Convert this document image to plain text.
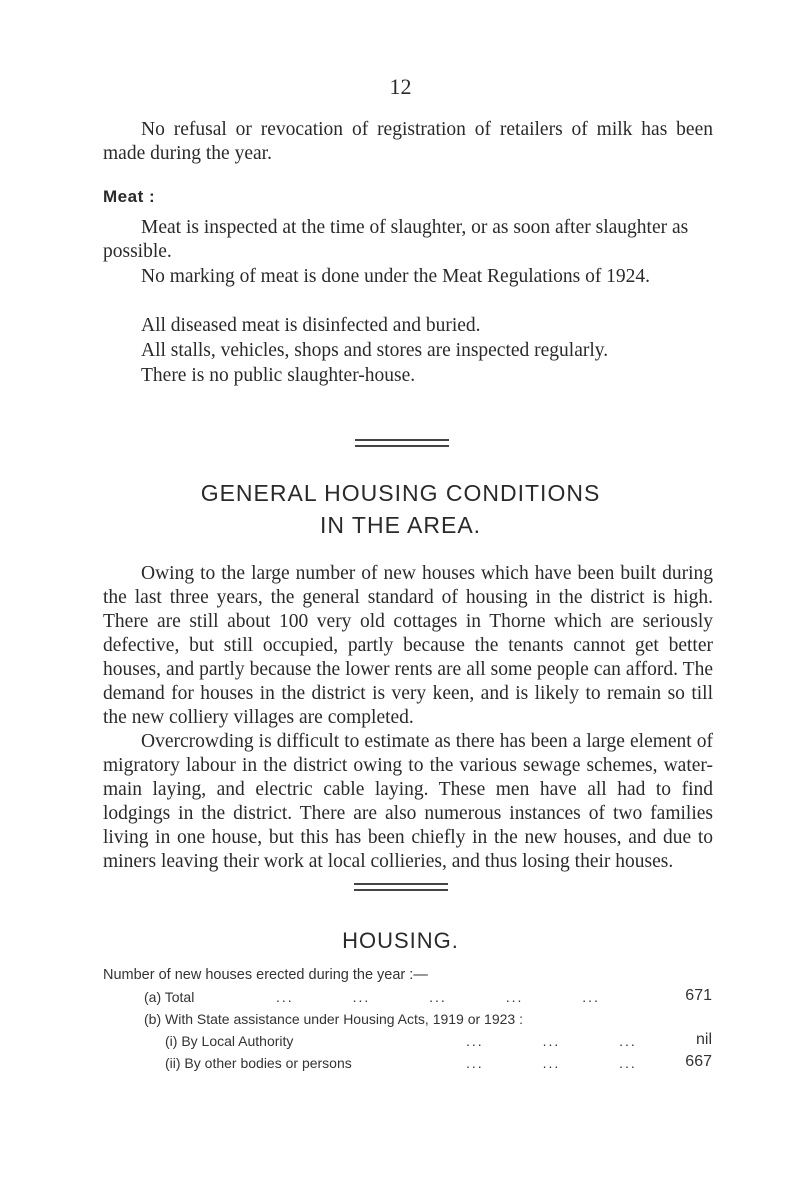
12

No refusal or revocation of registration of retailers of milk has been made during the year.

Meat :

Meat is inspected at the time of slaughter, or as soon after slaughter as possible.

No marking of meat is done under the Meat Regulations of 1924.

All diseased meat is disinfected and buried.

All stalls, vehicles, shops and stores are inspected regularly.

There is no public slaughter-house.

GENERAL HOUSING CONDITIONS
IN THE AREA.

Owing to the large number of new houses which have been built during the last three years, the general standard of housing in the district is high. There are still about 100 very old cottages in Thorne which are seriously defective, but still occupied, partly because the tenants cannot get better houses, and partly because the lower rents are all some people can afford. The demand for houses in the district is very keen, and is likely to remain so till the new colliery villages are completed.

Overcrowding is difficult to estimate as there has been a large element of migratory labour in the district owing to the various sewage schemes, water-main laying, and electric cable laying. These men have all had to find lodgings in the district. There are also numerous instances of two families living in one house, but this has been chiefly in the new houses, and due to miners leaving their work at local collieries, and thus losing their houses.

HOUSING.
Number of new houses erected during the year :—
(a) Total	...          ...          ...          ...          ...	671
(b) With State assistance under Housing Acts, 1919 or 1923 :
(i) By Local Authority	...          ...          ...	nil
(ii) By other bodies or persons	...          ...          ...	667
